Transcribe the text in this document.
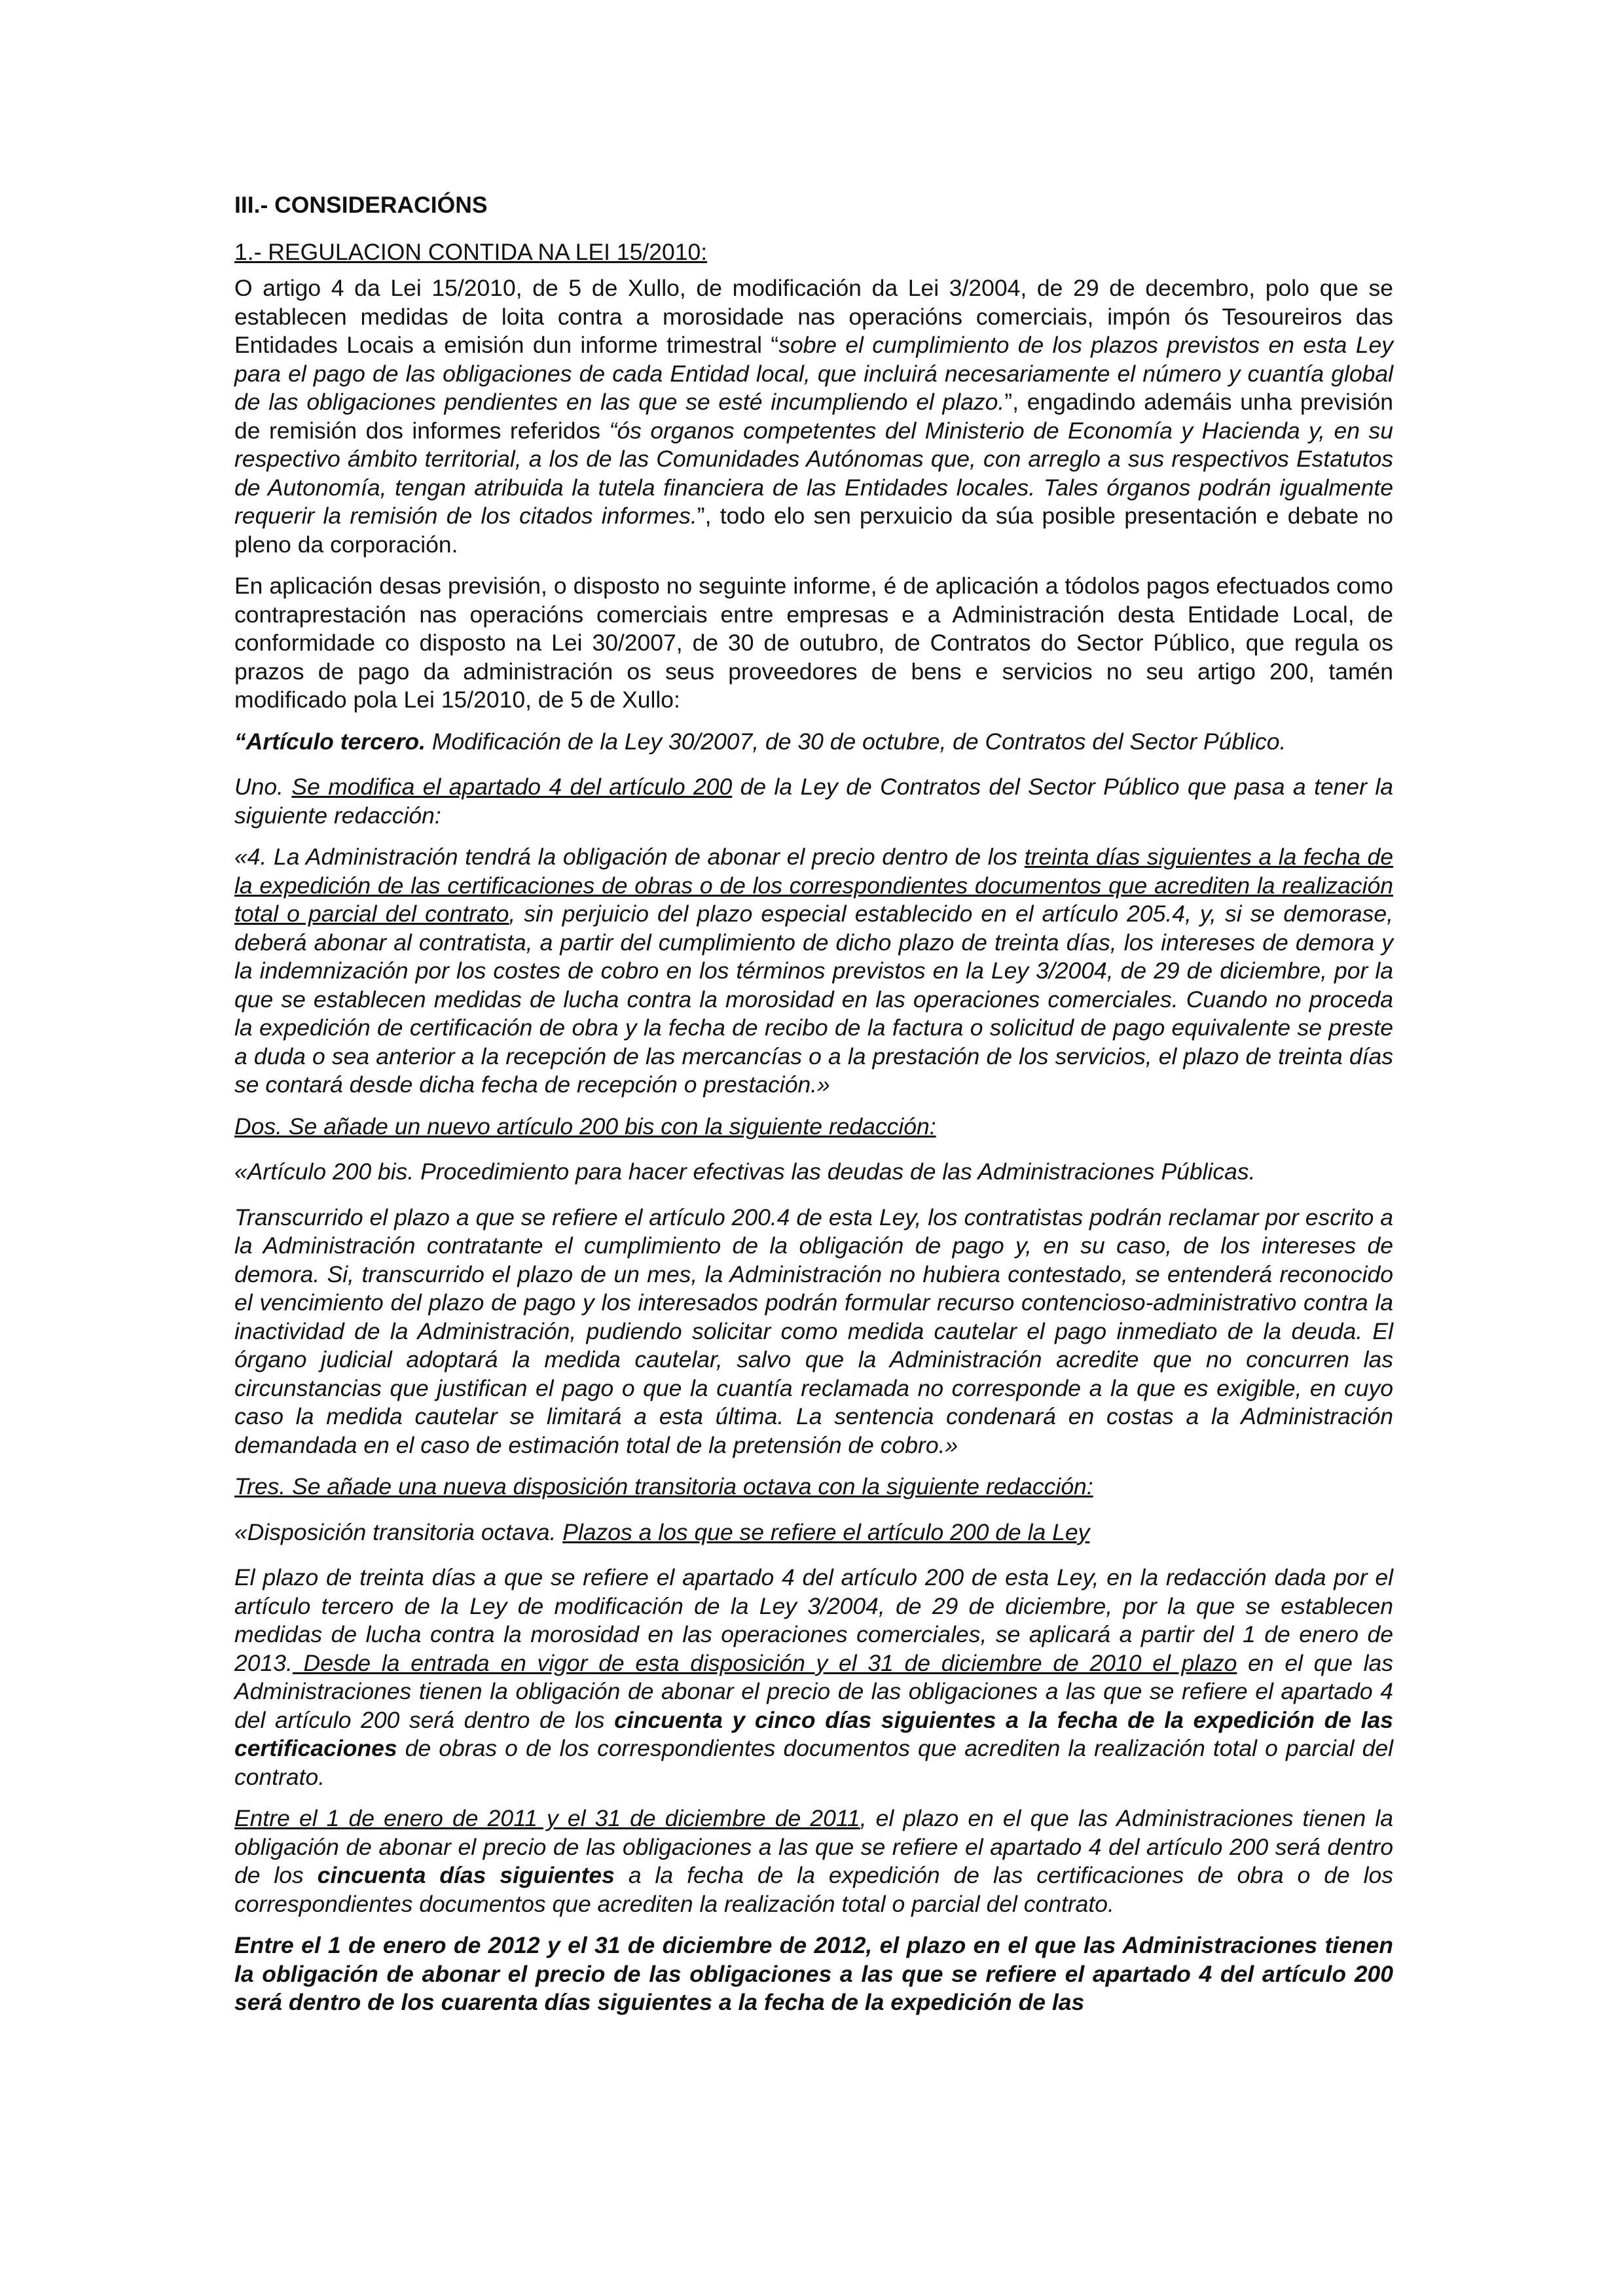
III.- CONSIDERACIÓNS
1.- REGULACION CONTIDA NA LEI 15/2010:

O artigo 4 da Lei 15/2010, de 5 de Xullo, de modificación da Lei 3/2004, de 29 de decembro, polo que se establecen medidas de loita contra a morosidade nas operacións comerciais, impón ós Tesoureiros das Entidades Locais a emisión dun informe trimestral “sobre el cumplimiento de los plazos previstos en esta Ley para el pago de las obligaciones de cada Entidad local, que incluirá necesariamente el número y cuantía global de las obligaciones pendientes en las que se esté incumpliendo el plazo.”, engadindo ademáis unha previsión de remisión dos informes referidos “ós organos competentes del Ministerio de Economía y Hacienda y, en su respectivo ámbito territorial, a los de las Comunidades Autónomas que, con arreglo a sus respectivos Estatutos de Autonomía, tengan atribuida la tutela financiera de las Entidades locales. Tales órganos podrán igualmente requerir la remisión de los citados informes.”, todo elo sen perxuicio da súa posible presentación e debate no pleno da corporación.

En aplicación desas previsión, o disposto no seguinte informe, é de aplicación a tódolos pagos efectuados como contraprestación nas operacións comerciais entre empresas e a Administración desta Entidade Local, de conformidade co disposto na Lei 30/2007, de 30 de outubro, de Contratos do Sector Público, que regula os prazos de pago da administración os seus proveedores de bens e servicios no seu artigo 200, tamén modificado pola Lei 15/2010, de 5 de Xullo:

“Artículo tercero. Modificación de la Ley 30/2007, de 30 de octubre, de Contratos del Sector Público.

Uno. Se modifica el apartado 4 del artículo 200 de la Ley de Contratos del Sector Público que pasa a tener la siguiente redacción:

«4. La Administración tendrá la obligación de abonar el precio dentro de los treinta días siguientes a la fecha de la expedición de las certificaciones de obras o de los correspondientes documentos que acrediten la realización total o parcial del contrato, sin perjuicio del plazo especial establecido en el artículo 205.4, y, si se demorase, deberá abonar al contratista, a partir del cumplimiento de dicho plazo de treinta días, los intereses de demora y la indemnización por los costes de cobro en los términos previstos en la Ley 3/2004, de 29 de diciembre, por la que se establecen medidas de lucha contra la morosidad en las operaciones comerciales. Cuando no proceda la expedición de certificación de obra y la fecha de recibo de la factura o solicitud de pago equivalente se preste a duda o sea anterior a la recepción de las mercancías o a la prestación de los servicios, el plazo de treinta días se contará desde dicha fecha de recepción o prestación.»

Dos. Se añade un nuevo artículo 200 bis con la siguiente redacción:

«Artículo 200 bis. Procedimiento para hacer efectivas las deudas de las Administraciones Públicas.

Transcurrido el plazo a que se refiere el artículo 200.4 de esta Ley, los contratistas podrán reclamar por escrito a la Administración contratante el cumplimiento de la obligación de pago y, en su caso, de los intereses de demora. Si, transcurrido el plazo de un mes, la Administración no hubiera contestado, se entenderá reconocido el vencimiento del plazo de pago y los interesados podrán formular recurso contencioso-administrativo contra la inactividad de la Administración, pudiendo solicitar como medida cautelar el pago inmediato de la deuda. El órgano judicial adoptará la medida cautelar, salvo que la Administración acredite que no concurren las circunstancias que justifican el pago o que la cuantía reclamada no corresponde a la que es exigible, en cuyo caso la medida cautelar se limitará a esta última. La sentencia condenará en costas a la Administración demandada en el caso de estimación total de la pretensión de cobro.»

Tres. Se añade una nueva disposición transitoria octava con la siguiente redacción:

«Disposición transitoria octava. Plazos a los que se refiere el artículo 200 de la Ley

El plazo de treinta días a que se refiere el apartado 4 del artículo 200 de esta Ley, en la redacción dada por el artículo tercero de la Ley de modificación de la Ley 3/2004, de 29 de diciembre, por la que se establecen medidas de lucha contra la morosidad en las operaciones comerciales, se aplicará a partir del 1 de enero de 2013. Desde la entrada en vigor de esta disposición y el 31 de diciembre de 2010 el plazo en el que las Administraciones tienen la obligación de abonar el precio de las obligaciones a las que se refiere el apartado 4 del artículo 200 será dentro de los cincuenta y cinco días siguientes a la fecha de la expedición de las certificaciones de obras o de los correspondientes documentos que acrediten la realización total o parcial del contrato.

Entre el 1 de enero de 2011 y el 31 de diciembre de 2011, el plazo en el que las Administraciones tienen la obligación de abonar el precio de las obligaciones a las que se refiere el apartado 4 del artículo 200 será dentro de los cincuenta días siguientes a la fecha de la expedición de las certificaciones de obra o de los correspondientes documentos que acrediten la realización total o parcial del contrato.

Entre el 1 de enero de 2012 y el 31 de diciembre de 2012, el plazo en el que las Administraciones tienen la obligación de abonar el precio de las obligaciones a las que se refiere el apartado 4 del artículo 200 será dentro de los cuarenta días siguientes a la fecha de la expedición de las
